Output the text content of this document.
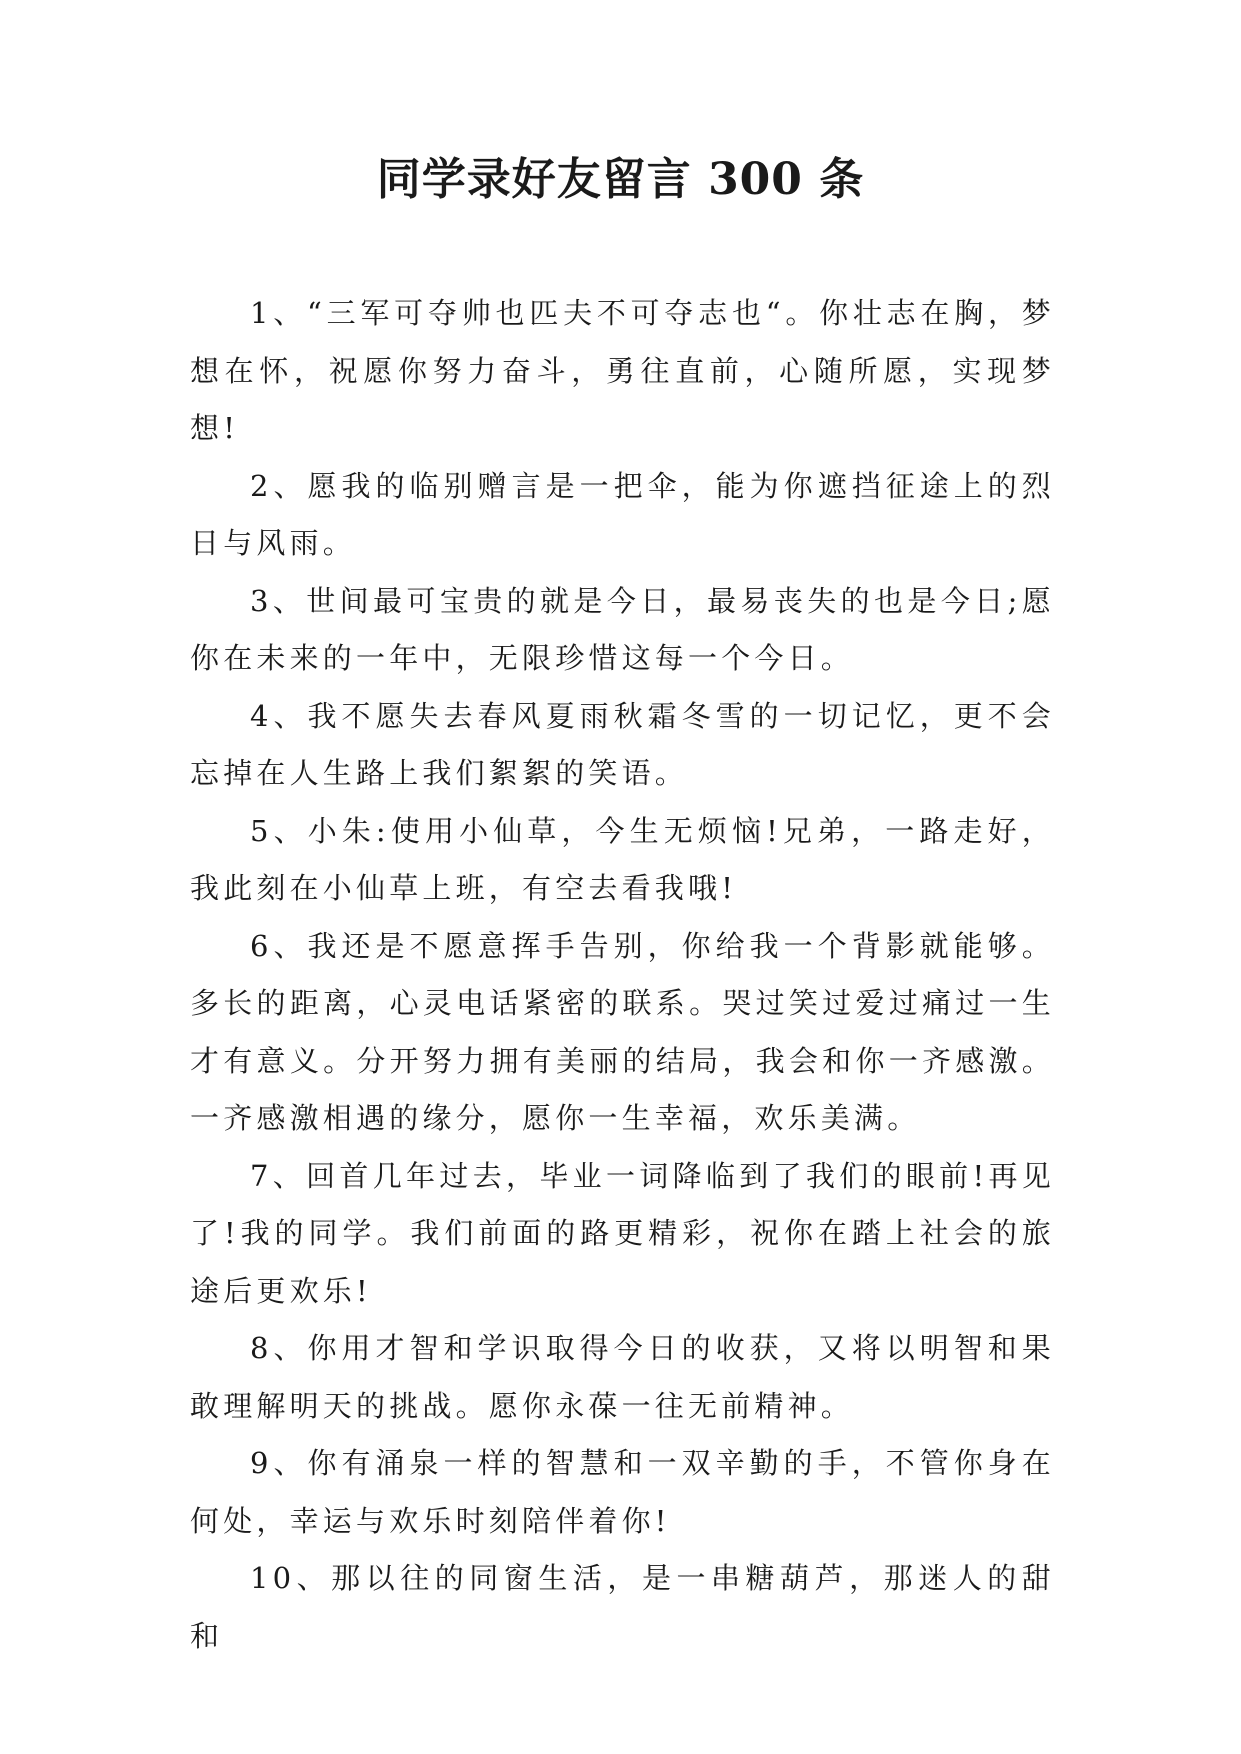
同学录好友留言 300 条

1、“三军可夺帅也匹夫不可夺志也“。你壮志在胸，梦想在怀，祝愿你努力奋斗，勇往直前，心随所愿，实现梦想!

2、愿我的临别赠言是一把伞，能为你遮挡征途上的烈日与风雨。

3、世间最可宝贵的就是今日，最易丧失的也是今日;愿你在未来的一年中，无限珍惜这每一个今日。

4、我不愿失去春风夏雨秋霜冬雪的一切记忆，更不会忘掉在人生路上我们絮絮的笑语。

5、小朱:使用小仙草，今生无烦恼!兄弟，一路走好，我此刻在小仙草上班，有空去看我哦!

6、我还是不愿意挥手告别，你给我一个背影就能够。多长的距离，心灵电话紧密的联系。哭过笑过爱过痛过一生才有意义。分开努力拥有美丽的结局，我会和你一齐感激。一齐感激相遇的缘分，愿你一生幸福，欢乐美满。

7、回首几年过去，毕业一词降临到了我们的眼前!再见了!我的同学。我们前面的路更精彩，祝你在踏上社会的旅途后更欢乐!

8、你用才智和学识取得今日的收获，又将以明智和果敢理解明天的挑战。愿你永葆一往无前精神。

9、你有涌泉一样的智慧和一双辛勤的手，不管你身在何处，幸运与欢乐时刻陪伴着你!

10、那以往的同窗生活，是一串糖葫芦，那迷人的甜和
